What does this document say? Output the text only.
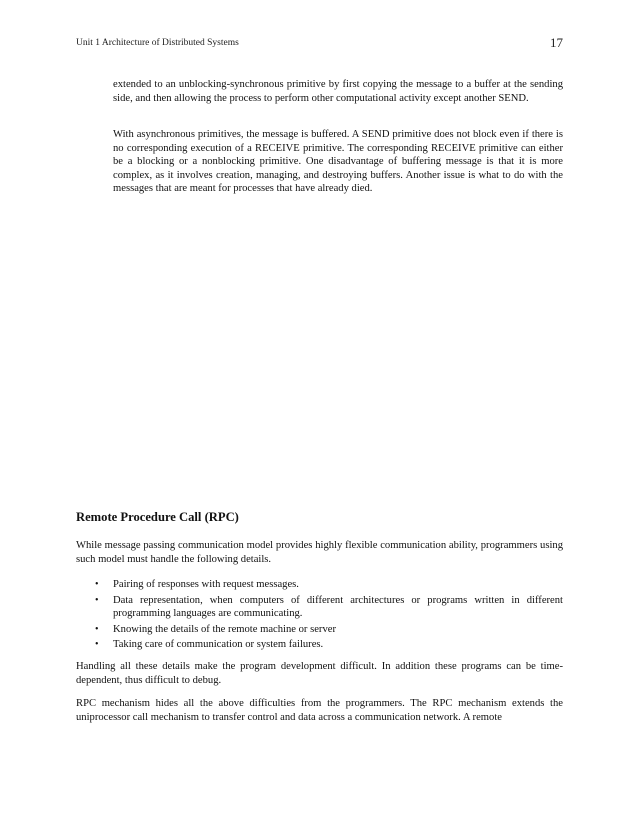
Unit 1 Architecture of Distributed Systems	17

extended to an unblocking-synchronous primitive by first copying the message to a buffer at the sending side, and then allowing the process to perform other computational activity except another SEND.

With asynchronous primitives, the message is buffered. A SEND primitive does not block even if there is no corresponding execution of a RECEIVE primitive. The corresponding RECEIVE primitive can either be a blocking or a nonblocking primitive. One disadvantage of buffering message is that it is more complex, as it involves creation, managing, and destroying buffers. Another issue is what to do with the messages that are meant for processes that have already died.

Remote Procedure Call (RPC)

While message passing communication model provides highly flexible communication ability, programmers using such model must handle the following details.

• Pairing of responses with request messages.
• Data representation, when computers of different architectures or programs written in different programming languages are communicating.
• Knowing the details of the remote machine or server
• Taking care of communication or system failures.

Handling all these details make the program development difficult. In addition these programs can be time-dependent, thus difficult to debug.

RPC mechanism hides all the above difficulties from the programmers. The RPC mechanism extends the uniprocessor call mechanism to transfer control and data across a communication network. A remote
